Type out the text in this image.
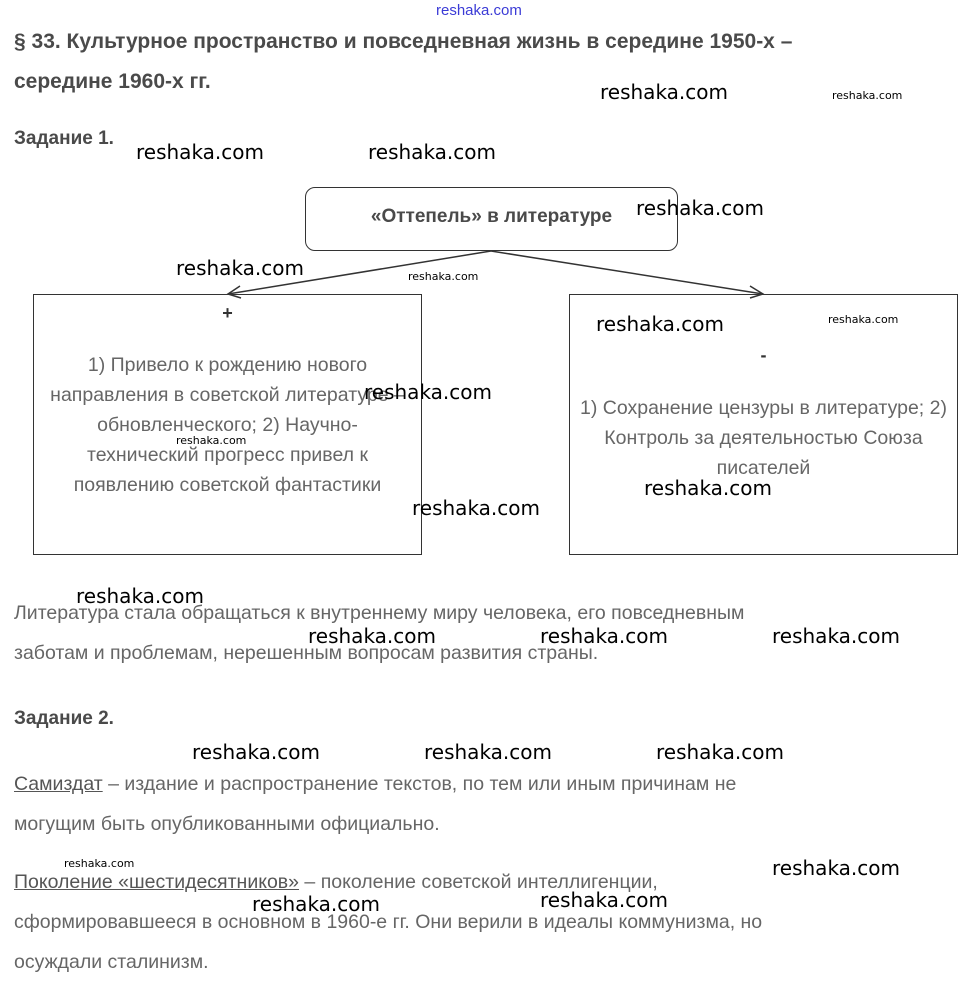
reshaka.com
§ 33. Культурное пространство и повседневная жизнь в середине 1950-х –
середине 1960-х гг.
Задание 1.
«Оттепель» в литературе
+
1) Привело к рождению нового направления в советской литературе – обновленческого; 2) Научно-технический прогресс привел к появлению советской фантастики
-
1) Сохранение цензуры в литературе; 2) Контроль за деятельностью Союза писателей
Литература стала обращаться к внутреннему миру человека, его повседневным
заботам и проблемам, нерешенным вопросам развития страны.
Задание 2.
Самиздат – издание и распространение текстов, по тем или иным причинам не
могущим быть опубликованными официально.
Поколение «шестидесятников» – поколение советской интеллигенции,
сформировавшееся в основном в 1960-е гг. Они верили в идеалы коммунизма, но
осуждали сталинизм.
reshaka.com	reshaka.com
reshaka.com	reshaka.com
reshaka.com
reshaka.com	reshaka.com
reshaka.com	reshaka.com
reshaka.com
reshaka.com
reshaka.com
reshaka.com
reshaka.com
reshaka.com	reshaka.com	reshaka.com
reshaka.com	reshaka.com	reshaka.com
reshaka.com	reshaka.com
reshaka.com
reshaka.com
